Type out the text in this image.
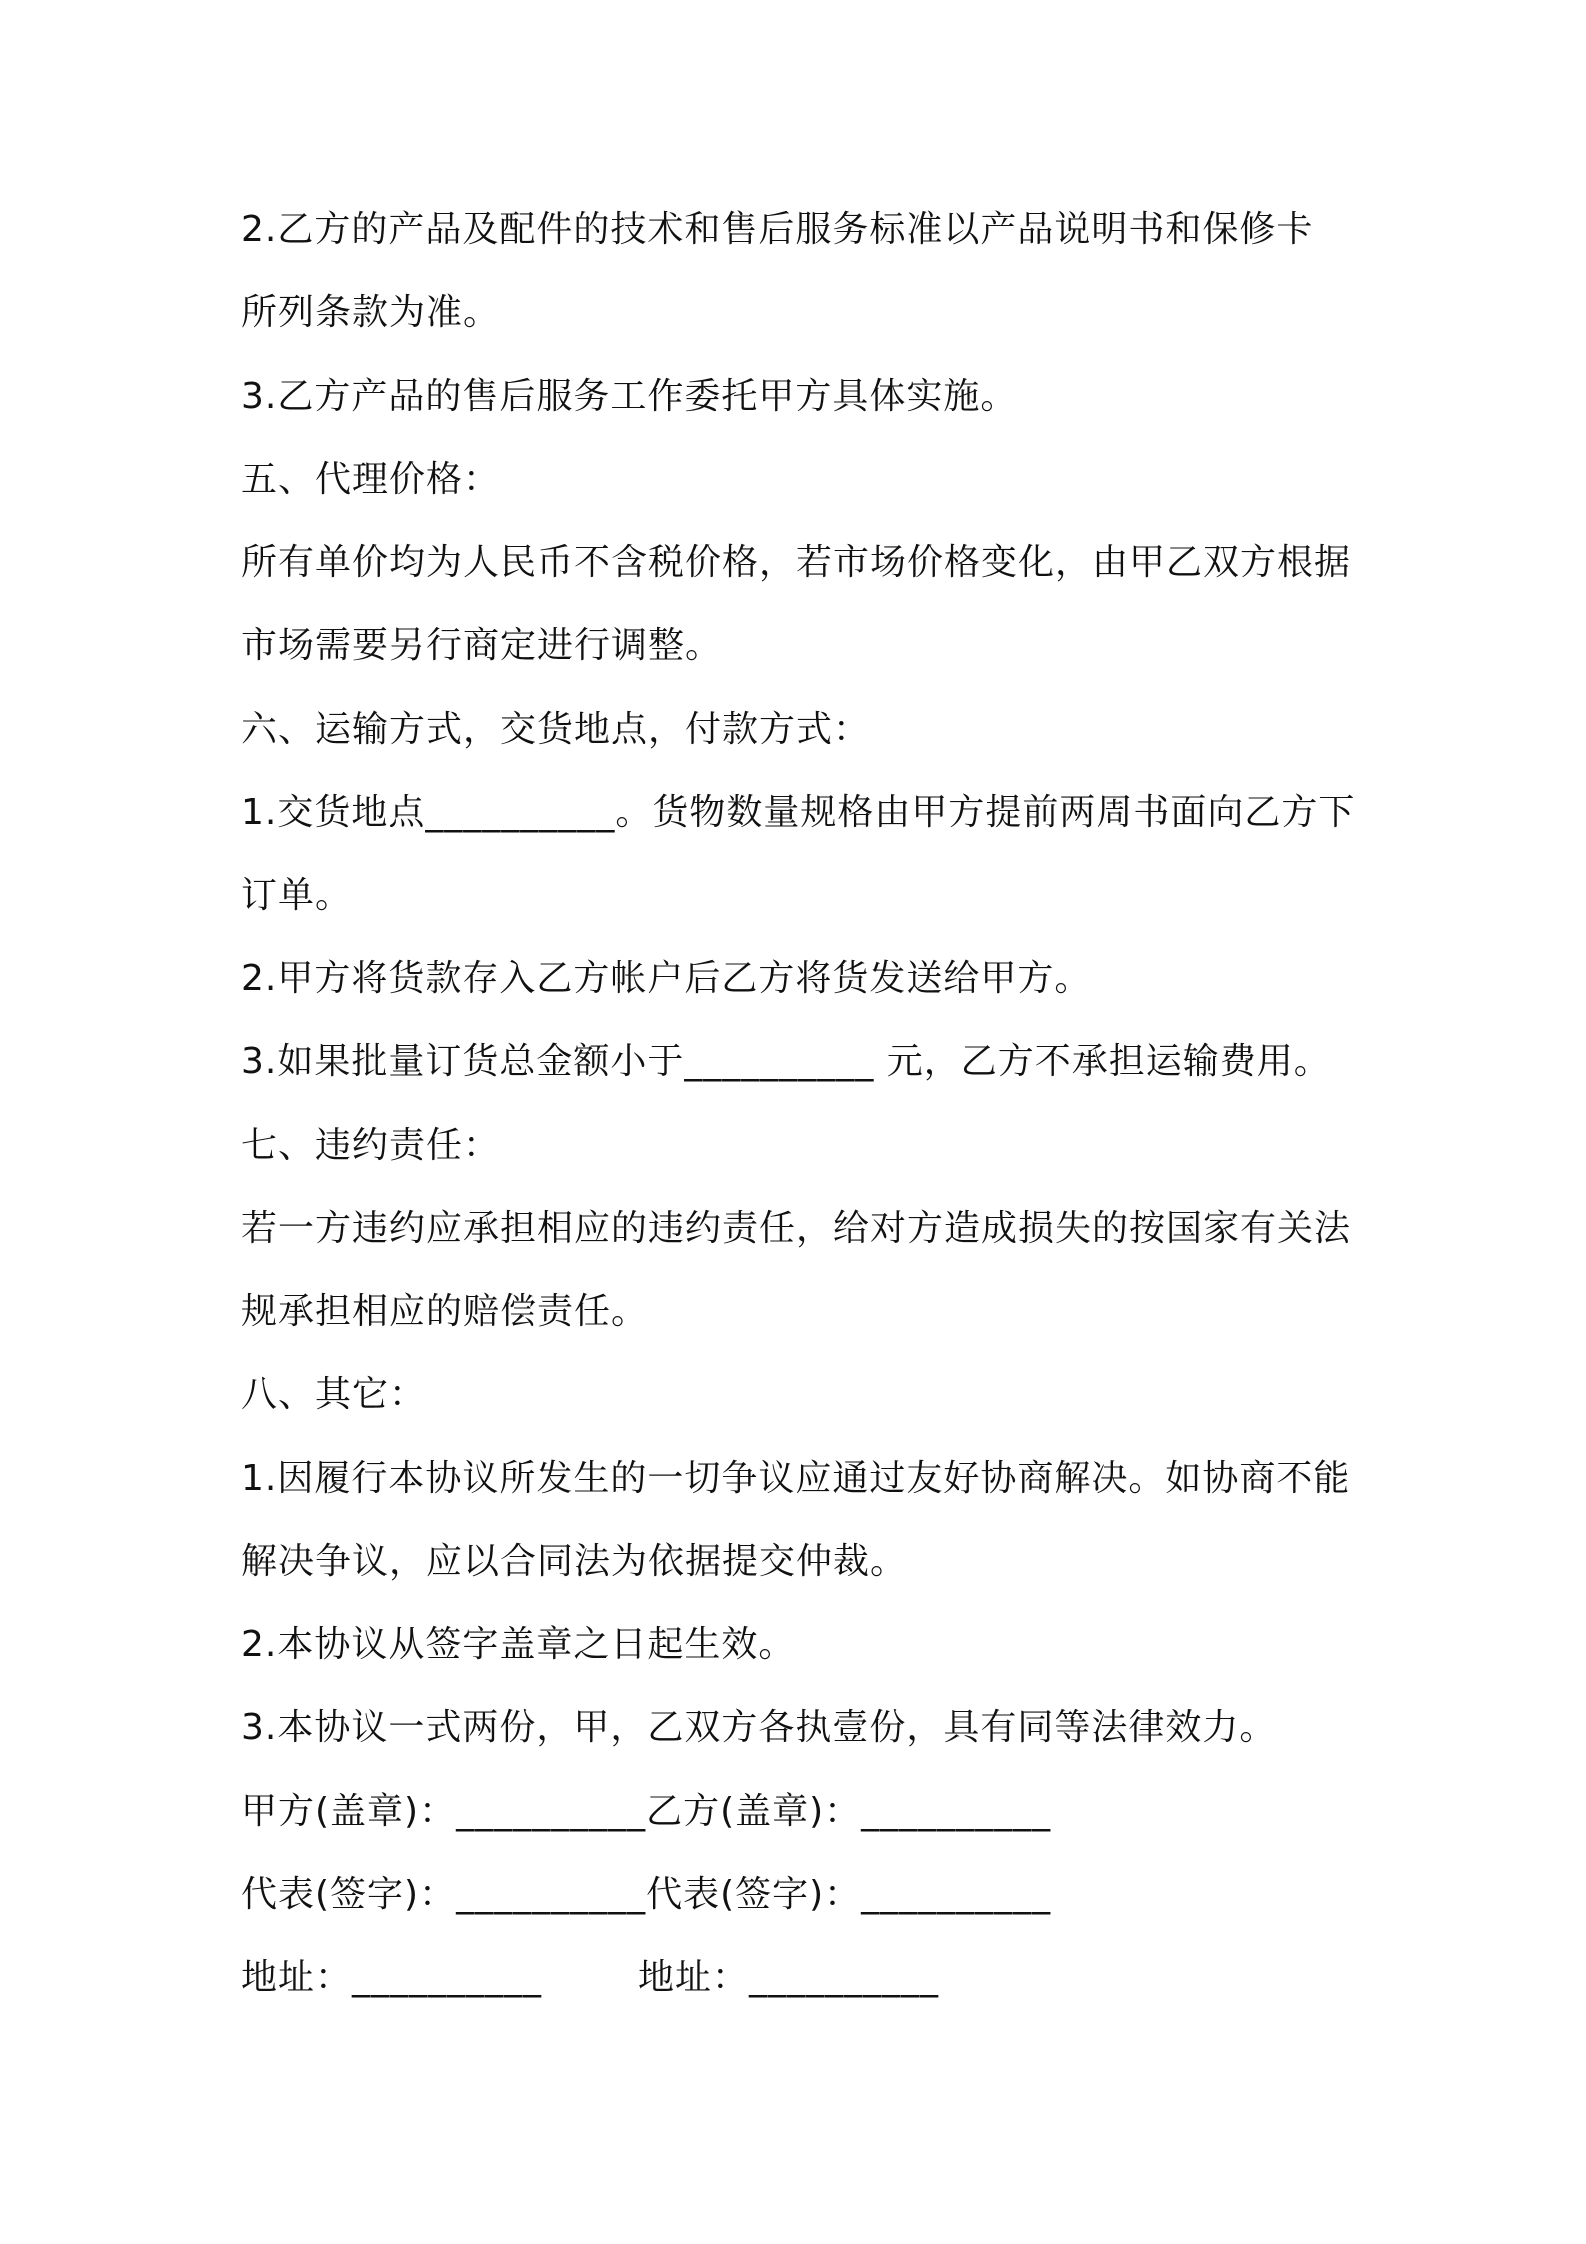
2.乙方的产品及配件的技术和售后服务标准以产品说明书和保修卡
所列条款为准。
3.乙方产品的售后服务工作委托甲方具体实施。
五、代理价格：
所有单价均为人民币不含税价格，若市场价格变化，由甲乙双方根据
市场需要另行商定进行调整。
六、运输方式，交货地点，付款方式：
1.交货地点__________。货物数量规格由甲方提前两周书面向乙方下
订单。
2.甲方将货款存入乙方帐户后乙方将货发送给甲方。
3.如果批量订货总金额小于__________ 元，乙方不承担运输费用。
七、违约责任：
若一方违约应承担相应的违约责任，给对方造成损失的按国家有关法
规承担相应的赔偿责任。
八、其它：
1.因履行本协议所发生的一切争议应通过友好协商解决。如协商不能
解决争议，应以合同法为依据提交仲裁。
2.本协议从签字盖章之日起生效。
3.本协议一式两份，甲，乙双方各执壹份，具有同等法律效力。
甲方(盖章)：__________乙方(盖章)：__________
代表(签字)：__________代表(签字)：__________
地址：__________	地址：__________
